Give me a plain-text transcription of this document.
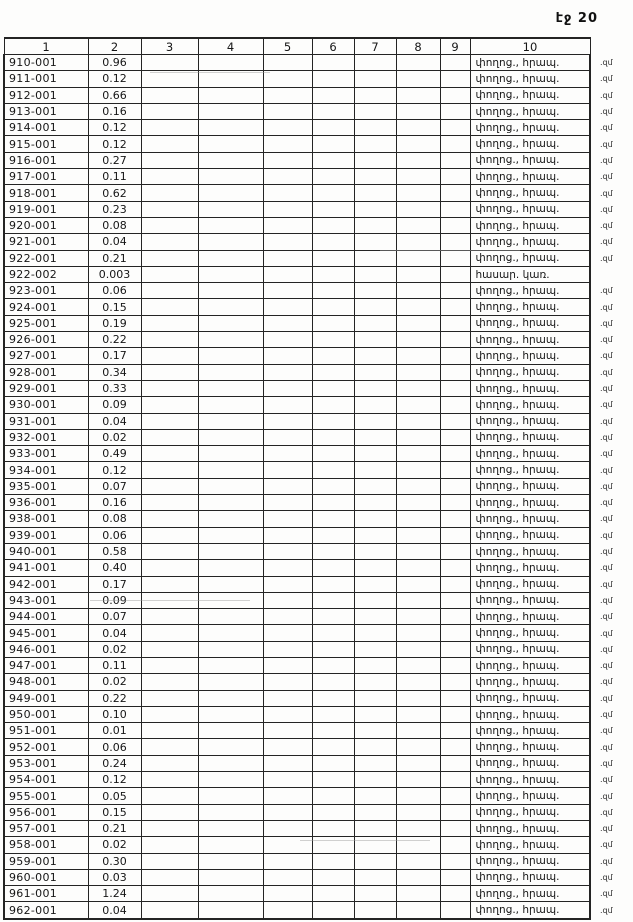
էջ 20
1	2	3	4	5	6	7	8	9	10	
910-001	0.96								փողոց., հրապ.	.զմ
911-001	0.12								փողոց., հրապ.	.զմ
912-001	0.66								փողոց., հրապ.	.զմ
913-001	0.16								փողոց., հրապ.	.զմ
914-001	0.12								փողոց., հրապ.	.զմ
915-001	0.12								փողոց., հրապ.	.զմ
916-001	0.27								փողոց., հրապ.	.զմ
917-001	0.11								փողոց., հրապ.	.զմ
918-001	0.62								փողոց., հրապ.	.զմ
919-001	0.23								փողոց., հրապ.	.զմ
920-001	0.08								փողոց., հրապ.	.զմ
921-001	0.04								փողոց., հրապ.	.զմ
922-001	0.21								փողոց., հրապ.	.զմ
922-002	0.003								հասար. կառ.	
923-001	0.06								փողոց., հրապ.	.զմ
924-001	0.15								փողոց., հրապ.	.զմ
925-001	0.19								փողոց., հրապ.	.զմ
926-001	0.22								փողոց., հրապ.	.զմ
927-001	0.17								փողոց., հրապ.	.զմ
928-001	0.34								փողոց., հրապ.	.զմ
929-001	0.33								փողոց., հրապ.	.զմ
930-001	0.09								փողոց., հրապ.	.զմ
931-001	0.04								փողոց., հրապ.	.զմ
932-001	0.02								փողոց., հրապ.	.զմ
933-001	0.49								փողոց., հրապ.	.զմ
934-001	0.12								փողոց., հրապ.	.զմ
935-001	0.07								փողոց., հրապ.	.զմ
936-001	0.16								փողոց., հրապ.	.զմ
938-001	0.08								փողոց., հրապ.	.զմ
939-001	0.06								փողոց., հրապ.	.զմ
940-001	0.58								փողոց., հրապ.	.զմ
941-001	0.40								փողոց., հրապ.	.զմ
942-001	0.17								փողոց., հրապ.	.զմ
943-001	0.09								փողոց., հրապ.	.զմ
944-001	0.07								փողոց., հրապ.	.զմ
945-001	0.04								փողոց., հրապ.	.զմ
946-001	0.02								փողոց., հրապ.	.զմ
947-001	0.11								փողոց., հրապ.	.զմ
948-001	0.02								փողոց., հրապ.	.զմ
949-001	0.22								փողոց., հրապ.	.զմ
950-001	0.10								փողոց., հրապ.	.զմ
951-001	0.01								փողոց., հրապ.	.զմ
952-001	0.06								փողոց., հրապ.	.զմ
953-001	0.24								փողոց., հրապ.	.զմ
954-001	0.12								փողոց., հրապ.	.զմ
955-001	0.05								փողոց., հրապ.	.զմ
956-001	0.15								փողոց., հրապ.	.զմ
957-001	0.21								փողոց., հրապ.	.զմ
958-001	0.02								փողոց., հրապ.	.զմ
959-001	0.30								փողոց., հրապ.	.զմ
960-001	0.03								փողոց., հրապ.	.զմ
961-001	1.24								փողոց., հրապ.	.զմ
962-001	0.04								փողոց., հրապ.	.զմ
